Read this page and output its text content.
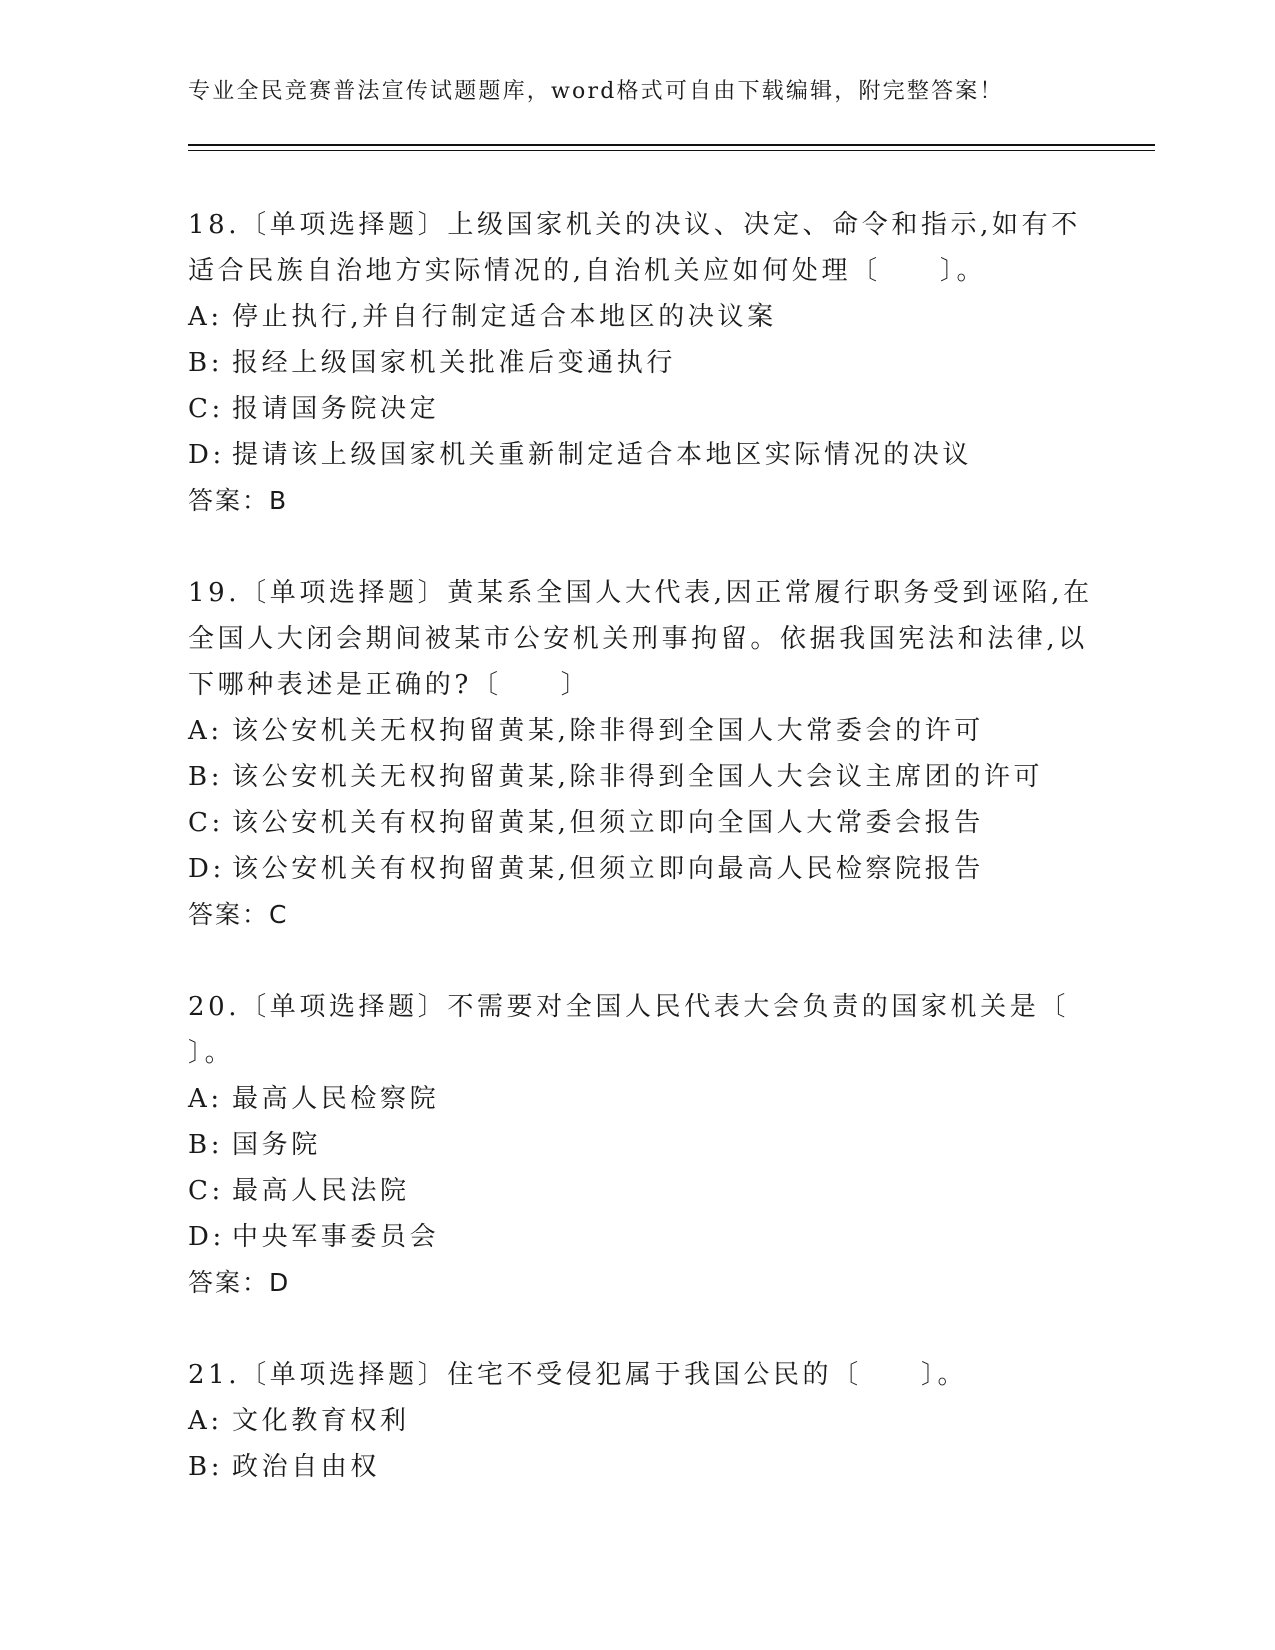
专业全民竞赛普法宣传试题题库，word格式可自由下载编辑，附完整答案！
18.〔单项选择题〕上级国家机关的决议、决定、命令和指示,如有不
适合民族自治地方实际情况的,自治机关应如何处理〔　　〕。
A: 停止执行,并自行制定适合本地区的决议案
B: 报经上级国家机关批准后变通执行
C: 报请国务院决定
D: 提请该上级国家机关重新制定适合本地区实际情况的决议
答案：B
19.〔单项选择题〕黄某系全国人大代表,因正常履行职务受到诬陷,在
全国人大闭会期间被某市公安机关刑事拘留。依据我国宪法和法律,以
下哪种表述是正确的?〔　　〕
A: 该公安机关无权拘留黄某,除非得到全国人大常委会的许可
B: 该公安机关无权拘留黄某,除非得到全国人大会议主席团的许可
C: 该公安机关有权拘留黄某,但须立即向全国人大常委会报告
D: 该公安机关有权拘留黄某,但须立即向最高人民检察院报告
答案：C
20.〔单项选择题〕不需要对全国人民代表大会负责的国家机关是〔
〕。
A: 最高人民检察院
B: 国务院
C: 最高人民法院
D: 中央军事委员会
答案：D
21.〔单项选择题〕住宅不受侵犯属于我国公民的〔　　〕。
A: 文化教育权利
B: 政治自由权
